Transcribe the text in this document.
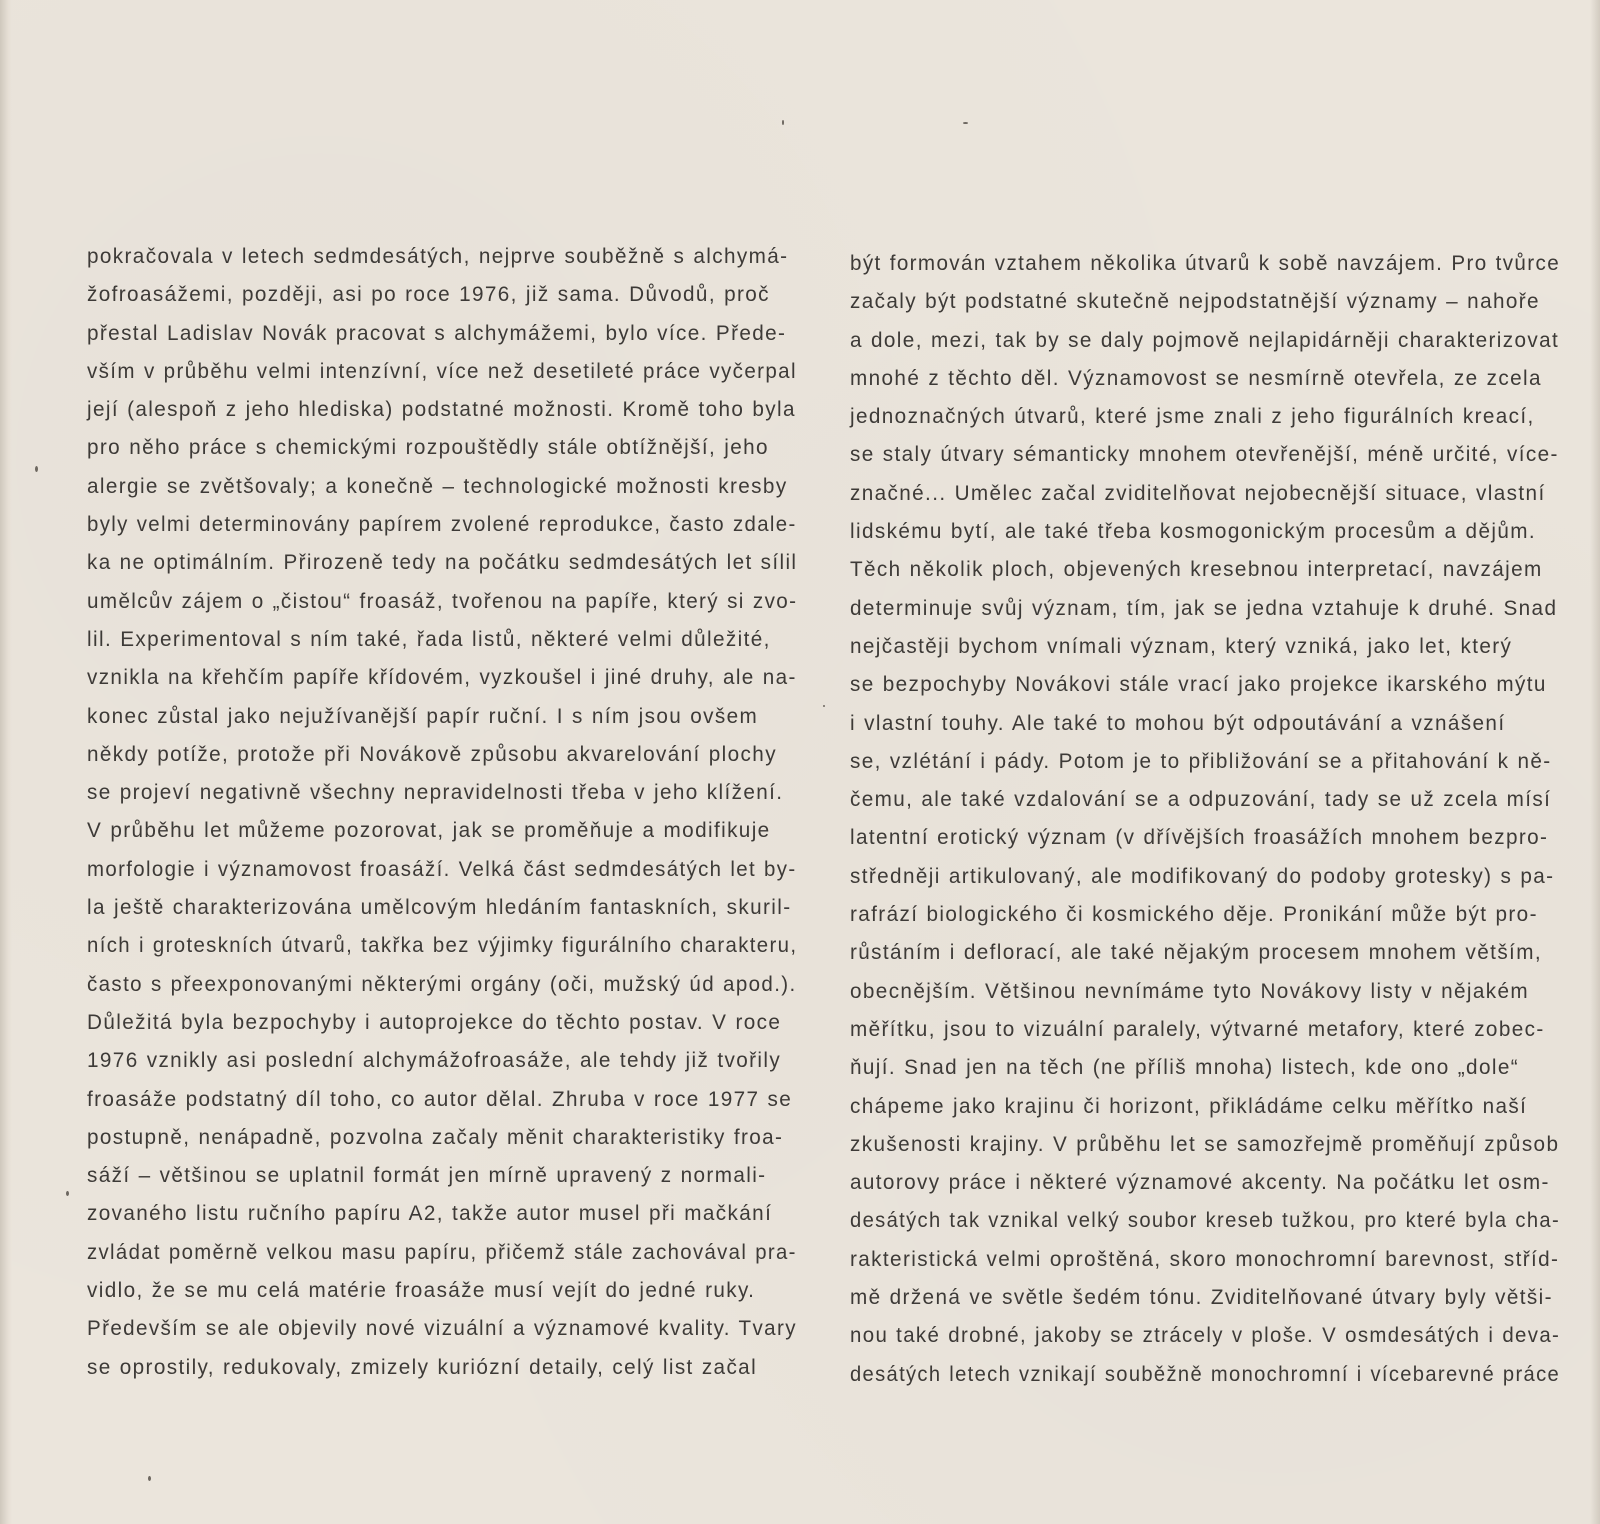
pokračovala v letech sedmdesátých, nejprve souběžně s alchymá-
žofroasážemi, později, asi po roce 1976, již sama. Důvodů, proč
přestal Ladislav Novák pracovat s alchymážemi, bylo více. Přede-
vším v průběhu velmi intenzívní, více než desetileté práce vyčerpal
její (alespoň z jeho hlediska) podstatné možnosti. Kromě toho byla
pro něho práce s chemickými rozpouštědly stále obtížnější, jeho
alergie se zvětšovaly; a konečně – technologické možnosti kresby
byly velmi determinovány papírem zvolené reprodukce, často zdale-
ka ne optimálním. Přirozeně tedy na počátku sedmdesátých let sílil
umělcův zájem o „čistou“ froasáž, tvořenou na papíře, který si zvo-
lil. Experimentoval s ním také, řada listů, některé velmi důležité,
vznikla na křehčím papíře křídovém, vyzkoušel i jiné druhy, ale na-
konec zůstal jako nejužívanější papír ruční. I s ním jsou ovšem
někdy potíže, protože při Novákově způsobu akvarelování plochy
se projeví negativně všechny nepravidelnosti třeba v jeho klížení.
V průběhu let můžeme pozorovat, jak se proměňuje a modifikuje
morfologie i významovost froasáží. Velká část sedmdesátých let by-
la ještě charakterizována umělcovým hledáním fantaskních, skuril-
ních i groteskních útvarů, takřka bez výjimky figurálního charakteru,
často s přeexponovanými některými orgány (oči, mužský úd apod.).
Důležitá byla bezpochyby i autoprojekce do těchto postav. V roce
1976 vznikly asi poslední alchymážofroasáže, ale tehdy již tvořily
froasáže podstatný díl toho, co autor dělal. Zhruba v roce 1977 se
postupně, nenápadně, pozvolna začaly měnit charakteristiky froa-
sáží – většinou se uplatnil formát jen mírně upravený z normali-
zovaného listu ručního papíru A2, takže autor musel při mačkání
zvládat poměrně velkou masu papíru, přičemž stále zachovával pra-
vidlo, že se mu celá matérie froasáže musí vejít do jedné ruky.
Především se ale objevily nové vizuální a významové kvality. Tvary
se oprostily, redukovaly, zmizely kuriózní detaily, celý list začal
být formován vztahem několika útvarů k sobě navzájem. Pro tvůrce
začaly být podstatné skutečně nejpodstatnější významy – nahoře
a dole, mezi, tak by se daly pojmově nejlapidárněji charakterizovat
mnohé z těchto děl. Významovost se nesmírně otevřela, ze zcela
jednoznačných útvarů, které jsme znali z jeho figurálních kreací,
se staly útvary sémanticky mnohem otevřenější, méně určité, více-
značné... Umělec začal zviditelňovat nejobecnější situace, vlastní
lidskému bytí, ale také třeba kosmogonickým procesům a dějům.
Těch několik ploch, objevených kresebnou interpretací, navzájem
determinuje svůj význam, tím, jak se jedna vztahuje k druhé. Snad
nejčastěji bychom vnímali význam, který vzniká, jako let, který
se bezpochyby Novákovi stále vrací jako projekce ikarského mýtu
i vlastní touhy. Ale také to mohou být odpoutávání a vznášení
se, vzlétání i pády. Potom je to přibližování se a přitahování k ně-
čemu, ale také vzdalování se a odpuzování, tady se už zcela mísí
latentní erotický význam (v dřívějších froasážích mnohem bezpro-
středněji artikulovaný, ale modifikovaný do podoby grotesky) s pa-
rafrází biologického či kosmického děje. Pronikání může být pro-
růstáním i deflorací, ale také nějakým procesem mnohem větším,
obecnějším. Většinou nevnímáme tyto Novákovy listy v nějakém
měřítku, jsou to vizuální paralely, výtvarné metafory, které zobec-
ňují. Snad jen na těch (ne příliš mnoha) listech, kde ono „dole“
chápeme jako krajinu či horizont, přikládáme celku měřítko naší
zkušenosti krajiny. V průběhu let se samozřejmě proměňují způsob
autorovy práce i některé významové akcenty. Na počátku let osm-
desátých tak vznikal velký soubor kreseb tužkou, pro které byla cha-
rakteristická velmi oproštěná, skoro monochromní barevnost, stříd-
mě držená ve světle šedém tónu. Zviditelňované útvary byly větši-
nou také drobné, jakoby se ztrácely v ploše. V osmdesátých i deva-
desátých letech vznikají souběžně monochromní i vícebarevné práce
